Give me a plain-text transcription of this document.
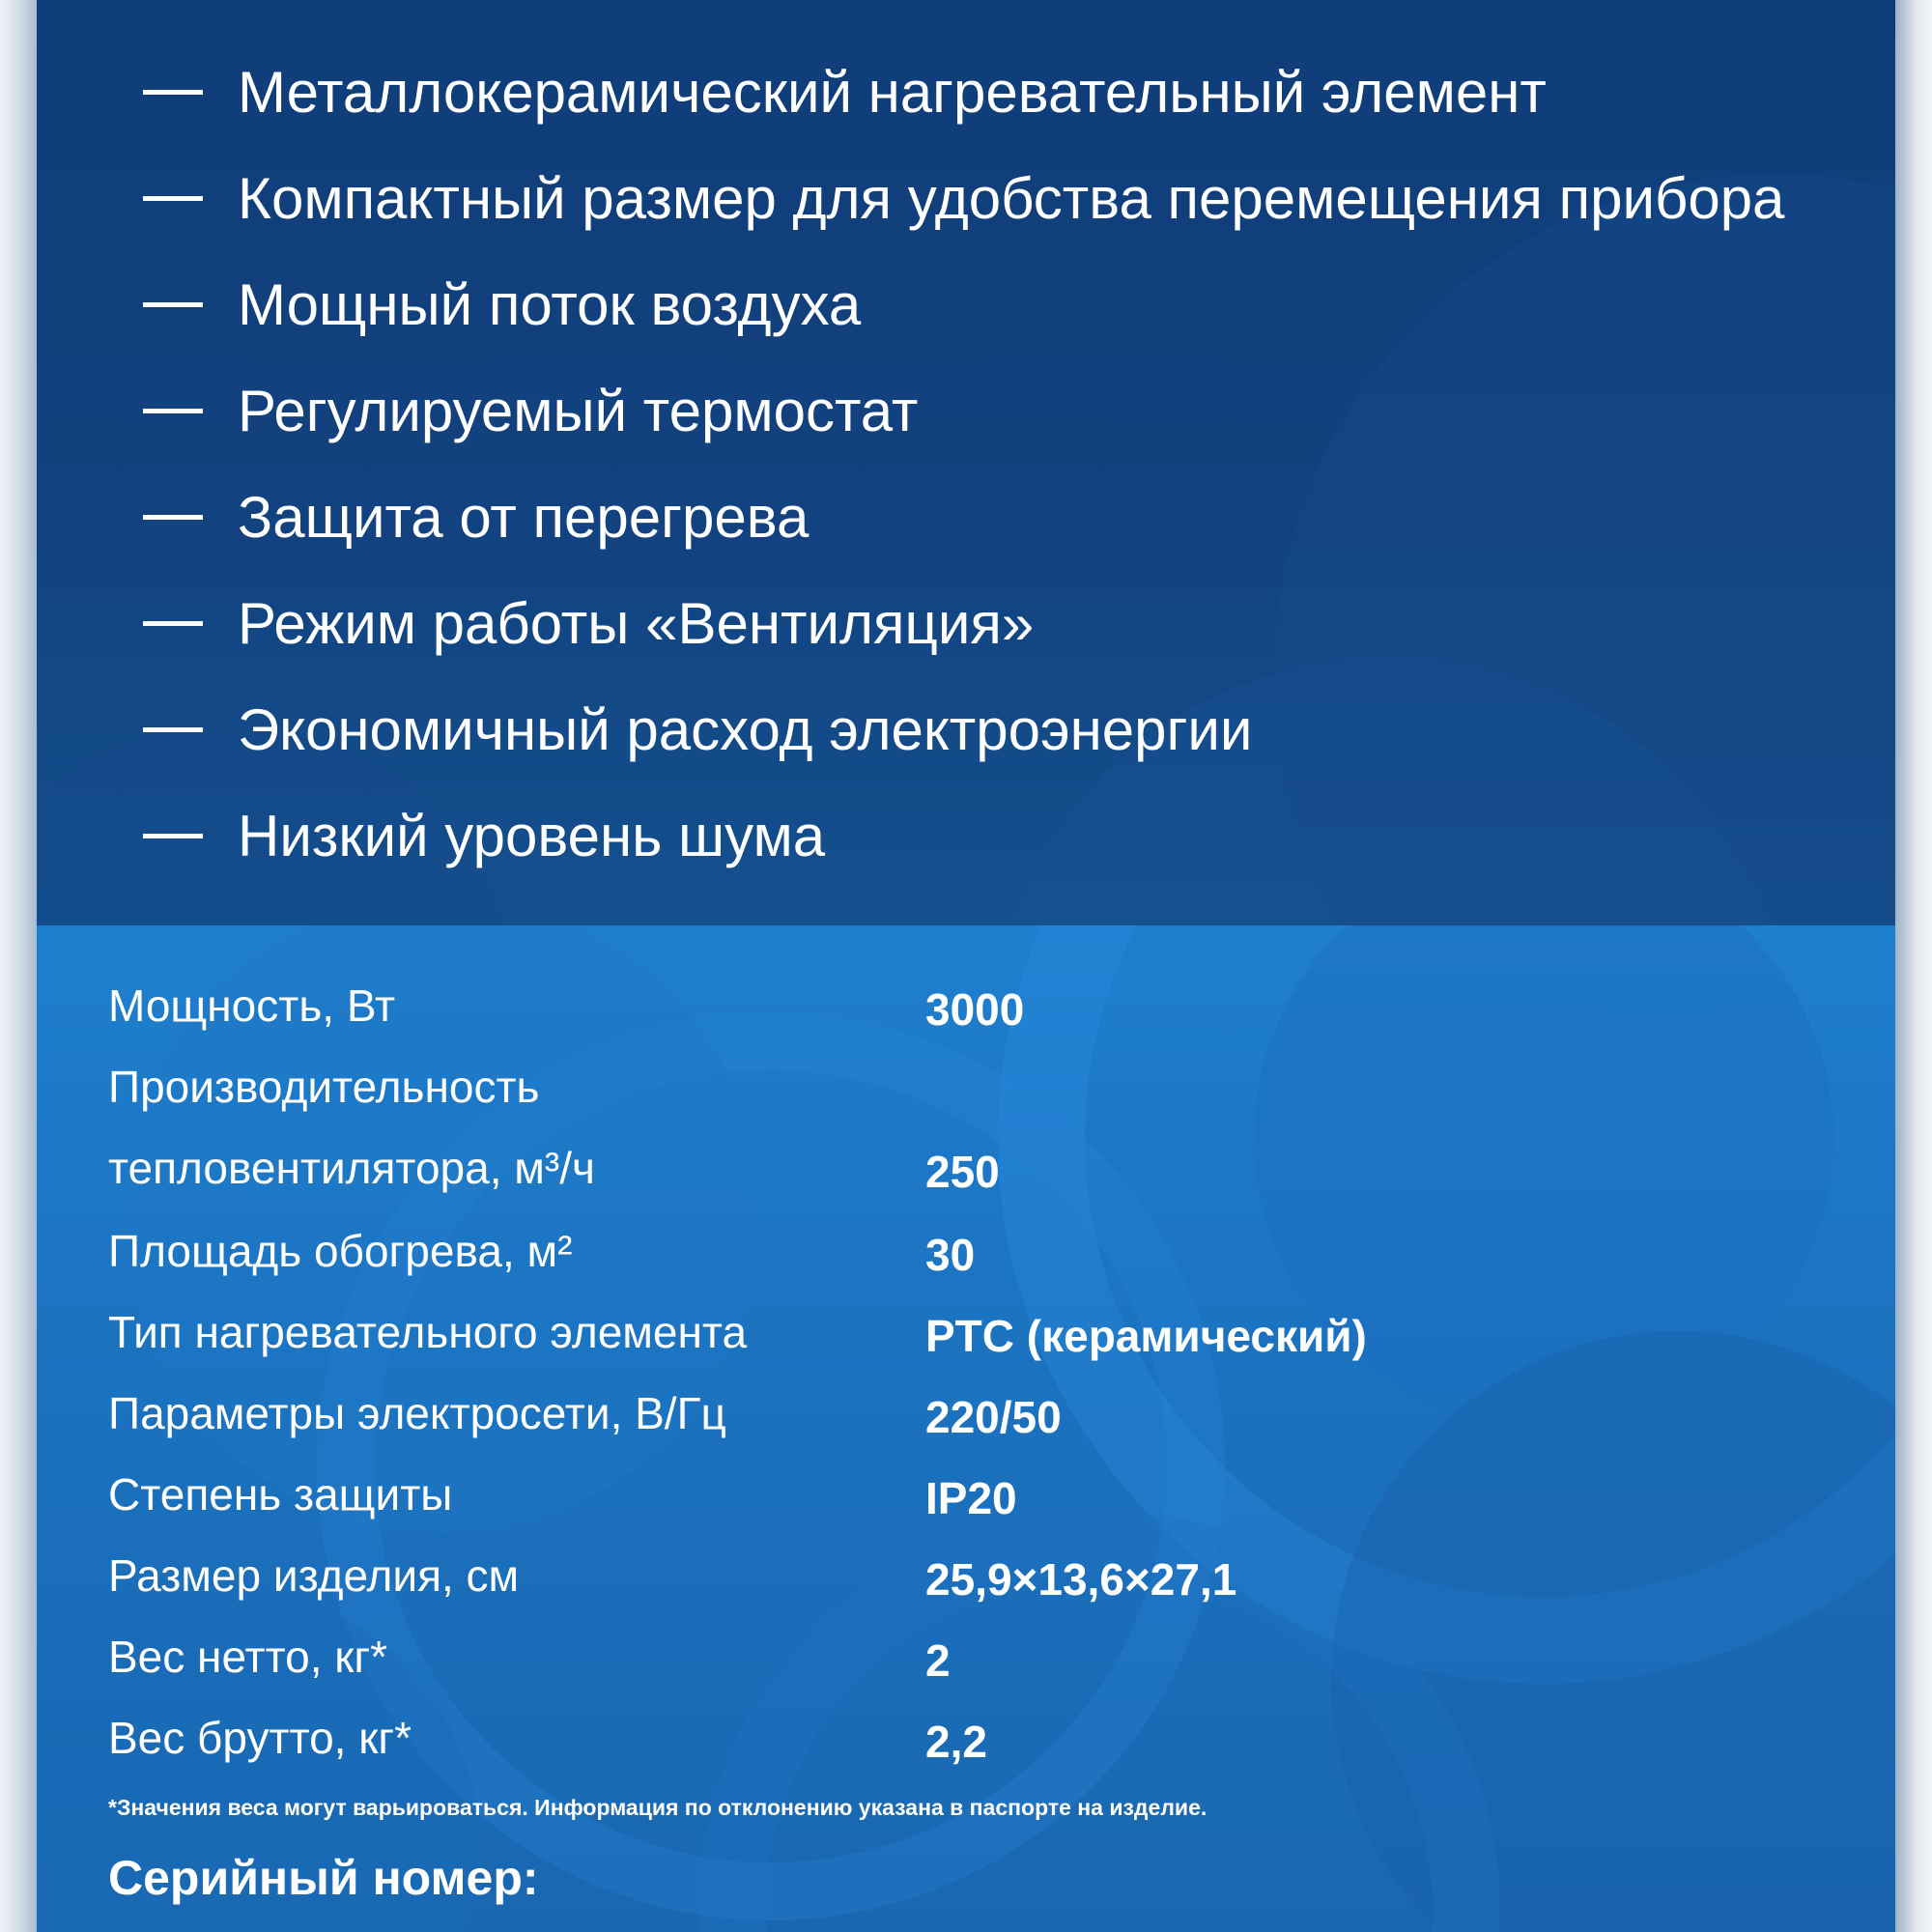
Металлокерамический нагревательный элемент
Компактный размер для удобства перемещения прибора
Мощный поток воздуха
Регулируемый термостат
Защита от перегрева
Режим работы «Вентиляция»
Экономичный расход электроэнергии
Низкий уровень шума
Мощность, Вт	3000
Производительность
тепловентилятора, м³/ч	250
Площадь обогрева, м²	30
Тип нагревательного элемента	PTC (керамический)
Параметры электросети, В/Гц	220/50
Степень защиты	IP20
Размер изделия, см	25,9×13,6×27,1
Вес нетто, кг*	2
Вес брутто, кг*	2,2
*Значения веса могут варьироваться. Информация по отклонению указана в паспорте на изделие.
Серийный номер:
